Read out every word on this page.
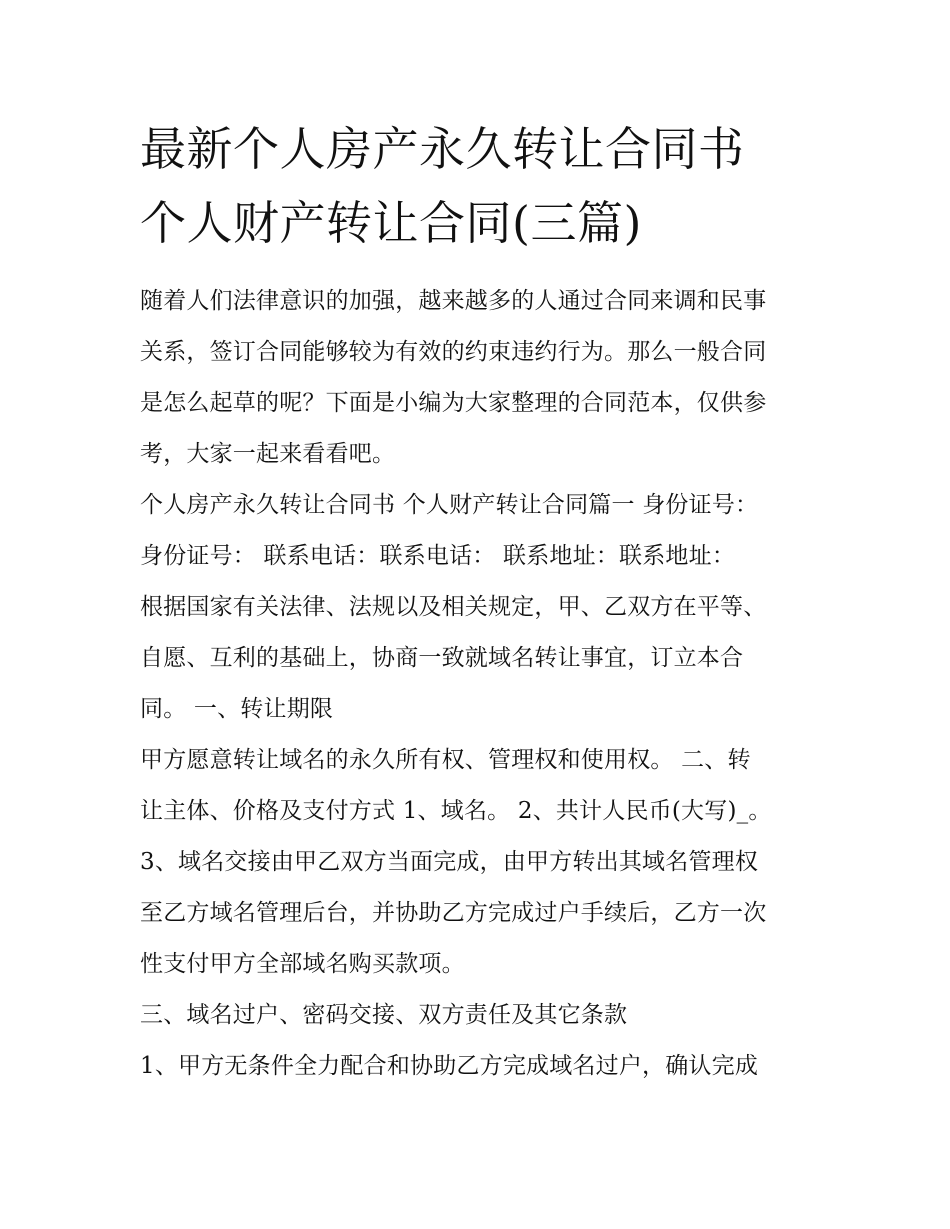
最新个人房产永久转让合同书
个人财产转让合同(三篇)
随着人们法律意识的加强，越来越多的人通过合同来调和民事
关系，签订合同能够较为有效的约束违约行为。那么一般合同
是怎么起草的呢？下面是小编为大家整理的合同范本，仅供参
考，大家一起来看看吧。
个人房产永久转让合同书 个人财产转让合同篇一 身份证号：
身份证号： 联系电话：联系电话： 联系地址：联系地址：
根据国家有关法律、法规以及相关规定，甲、乙双方在平等、
自愿、互利的基础上，协商一致就域名转让事宜，订立本合
同。 一、转让期限
甲方愿意转让域名的永久所有权、管理权和使用权。 二、转
让主体、价格及支付方式 1、域名。 2、共计人民币(大写)_。
3、域名交接由甲乙双方当面完成，由甲方转出其域名管理权
至乙方域名管理后台，并协助乙方完成过户手续后，乙方一次
性支付甲方全部域名购买款项。
三、域名过户、密码交接、双方责任及其它条款
1、甲方无条件全力配合和协助乙方完成域名过户，确认完成
